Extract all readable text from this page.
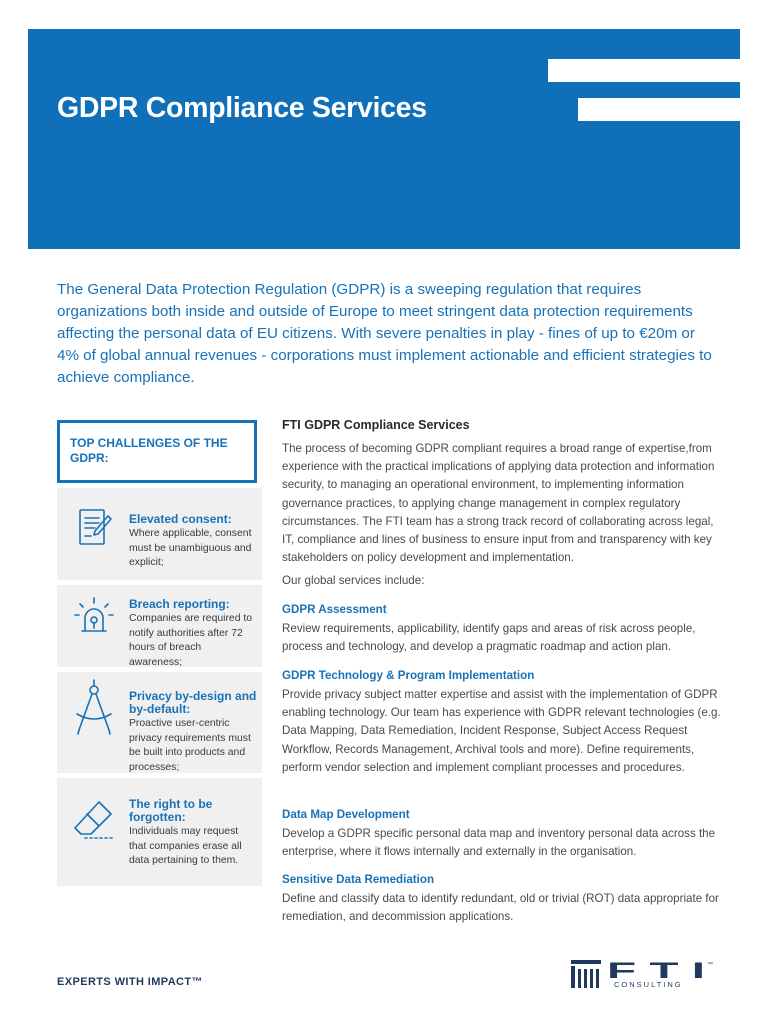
GDPR Compliance Services

The General Data Protection Regulation (GDPR) is a sweeping regulation that requires organizations both inside and outside of Europe to meet stringent data protection requirements affecting the personal data of EU citizens. With severe penalties in play - fines of up to €20m or 4% of global annual revenues - corporations must implement actionable and efficient strategies to achieve compliance.

TOP CHALLENGES OF THE GDPR:
Elevated consent:
Where applicable, consent must be unambiguous and explicit;
Breach reporting:
Companies are required to notify authorities after 72 hours of breach awareness;
Privacy by-design and by-default:
Proactive user-centric privacy requirements must be built into products and processes;
The right to be forgotten:
Individuals may request that companies erase all data pertaining to them.
FTI GDPR Compliance Services

The process of becoming GDPR compliant requires a broad range of expertise,from experience with the practical implications of applying data protection and information security, to managing an operational environment, to implementing information governance practices, to applying change management in complex regulatory circumstances. The FTI team has a strong track record of collaborating across legal, IT, compliance and lines of business to ensure input from and transparency with key stakeholders on policy development and implementation.

Our global services include:

GDPR Assessment

Review requirements, applicability, identify gaps and areas of risk across people, process and technology, and develop a pragmatic roadmap and action plan.

GDPR Technology & Program Implementation

Provide privacy subject matter expertise and assist with the implementation of GDPR enabling technology. Our team has experience with GDPR relevant technologies (e.g. Data Mapping, Data Remediation, Incident Response, Subject Access Request Workflow, Records Management, Archival tools and more). Define requirements, perform vendor selection and implement compliant processes and procedures.

Data Map Development

Develop a GDPR specific personal data map and inventory personal data across the enterprise, where it flows internally and externally in the organisation.

Sensitive Data Remediation

Define and classify data to identify redundant, old or trivial (ROT) data appropriate for remediation, and decommission applications.

EXPERTS WITH IMPACT™	F T I ™
CONSULTING
